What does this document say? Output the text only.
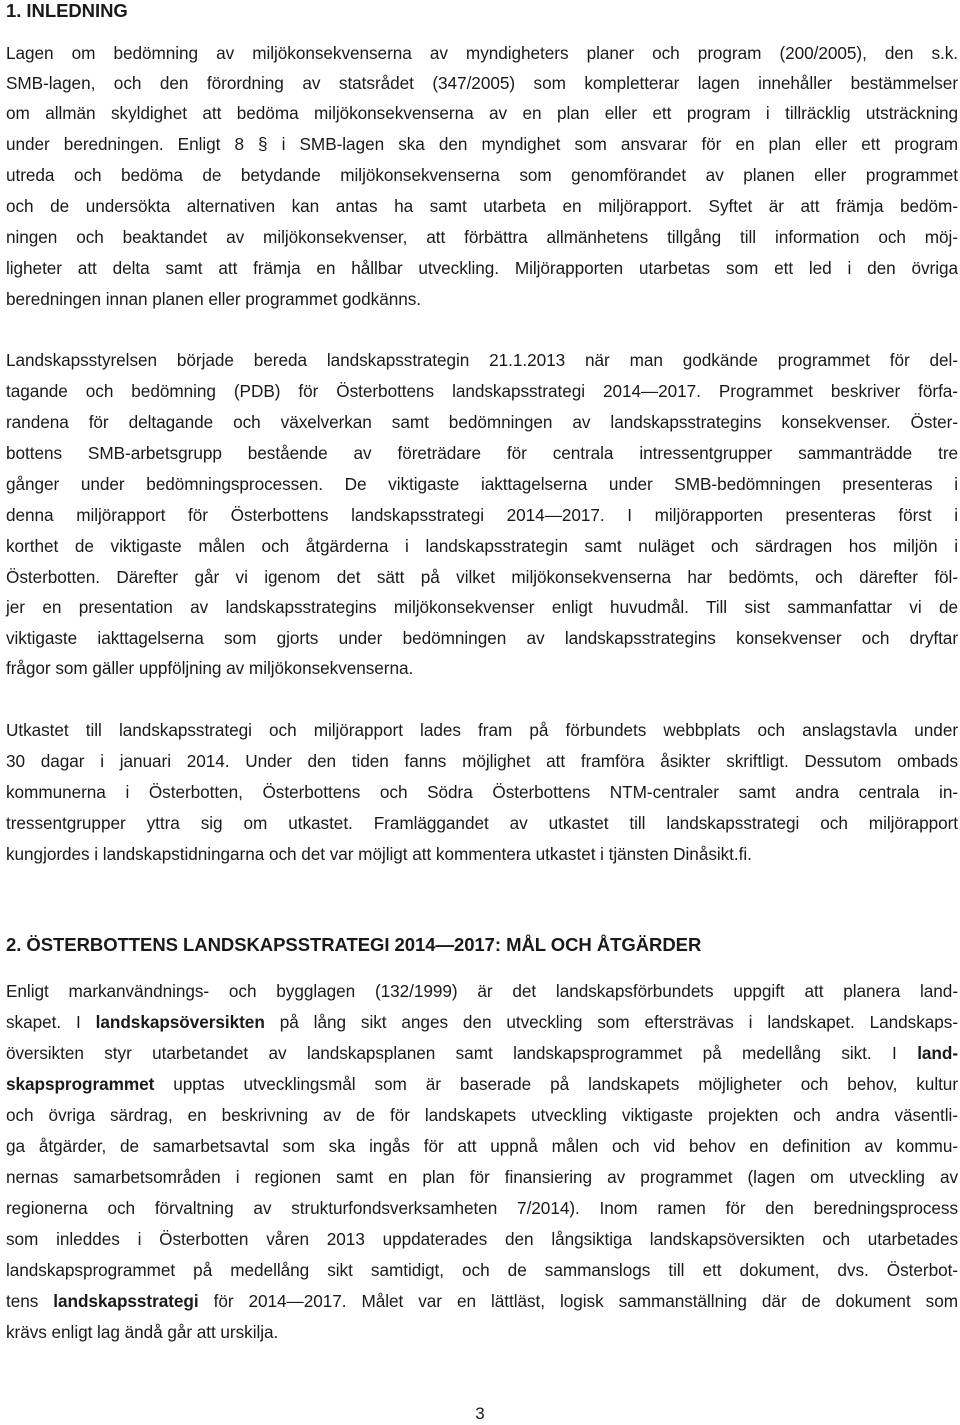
1. INLEDNING
Lagen om bedömning av miljökonsekvenserna av myndigheters planer och program (200/2005), den s.k.
SMB-lagen, och den förordning av statsrådet (347/2005) som kompletterar lagen innehåller bestämmelser
om allmän skyldighet att bedöma miljökonsekvenserna av en plan eller ett program i tillräcklig utsträckning
under beredningen. Enligt 8 § i SMB-lagen ska den myndighet som ansvarar för en plan eller ett program
utreda och bedöma de betydande miljökonsekvenserna som genomförandet av planen eller programmet
och de undersökta alternativen kan antas ha samt utarbeta en miljörapport. Syftet är att främja bedöm-
ningen och beaktandet av miljökonsekvenser, att förbättra allmänhetens tillgång till information och möj-
ligheter att delta samt att främja en hållbar utveckling. Miljörapporten utarbetas som ett led i den övriga
beredningen innan planen eller programmet godkänns.
Landskapsstyrelsen började bereda landskapsstrategin 21.1.2013 när man godkände programmet för del-
tagande och bedömning (PDB) för Österbottens landskapsstrategi 2014—2017. Programmet beskriver förfa-
randena för deltagande och växelverkan samt bedömningen av landskapsstrategins konsekvenser. Öster-
bottens SMB-arbetsgrupp bestående av företrädare för centrala intressentgrupper sammanträdde tre
gånger under bedömningsprocessen. De viktigaste iakttagelserna under SMB-bedömningen presenteras i
denna miljörapport för Österbottens landskapsstrategi 2014—2017. I miljörapporten presenteras först i
korthet de viktigaste målen och åtgärderna i landskapsstrategin samt nuläget och särdragen hos miljön i
Österbotten. Därefter går vi igenom det sätt på vilket miljökonsekvenserna har bedömts, och därefter föl-
jer en presentation av landskapsstrategins miljökonsekvenser enligt huvudmål. Till sist sammanfattar vi de
viktigaste iakttagelserna som gjorts under bedömningen av landskapsstrategins konsekvenser och dryftar
frågor som gäller uppföljning av miljökonsekvenserna.
Utkastet till landskapsstrategi och miljörapport lades fram på förbundets webbplats och anslagstavla under
30 dagar i januari 2014. Under den tiden fanns möjlighet att framföra åsikter skriftligt. Dessutom ombads
kommunerna i Österbotten, Österbottens och Södra Österbottens NTM-centraler samt andra centrala in-
tressentgrupper yttra sig om utkastet. Framläggandet av utkastet till landskapsstrategi och miljörapport
kungjordes i landskapstidningarna och det var möjligt att kommentera utkastet i tjänsten Dinåsikt.fi.
2. ÖSTERBOTTENS LANDSKAPSSTRATEGI 2014—2017: MÅL OCH ÅTGÄRDER
Enligt markanvändnings- och bygglagen (132/1999) är det landskapsförbundets uppgift att planera land-
skapet. I landskapsöversikten på lång sikt anges den utveckling som eftersträvas i landskapet. Landskaps-
översikten styr utarbetandet av landskapsplanen samt landskapsprogrammet på medellång sikt. I land-
skapsprogrammet upptas utvecklingsmål som är baserade på landskapets möjligheter och behov, kultur
och övriga särdrag, en beskrivning av de för landskapets utveckling viktigaste projekten och andra väsentli-
ga åtgärder, de samarbetsavtal som ska ingås för att uppnå målen och vid behov en definition av kommu-
nernas samarbetsområden i regionen samt en plan för finansiering av programmet (lagen om utveckling av
regionerna och förvaltning av strukturfondsverksamheten 7/2014). Inom ramen för den beredningsprocess
som inleddes i Österbotten våren 2013 uppdaterades den långsiktiga landskapsöversikten och utarbetades
landskapsprogrammet på medellång sikt samtidigt, och de sammanslogs till ett dokument, dvs. Österbot-
tens landskapsstrategi för 2014—2017. Målet var en lättläst, logisk sammanställning där de dokument som
krävs enligt lag ändå går att urskilja.
3
